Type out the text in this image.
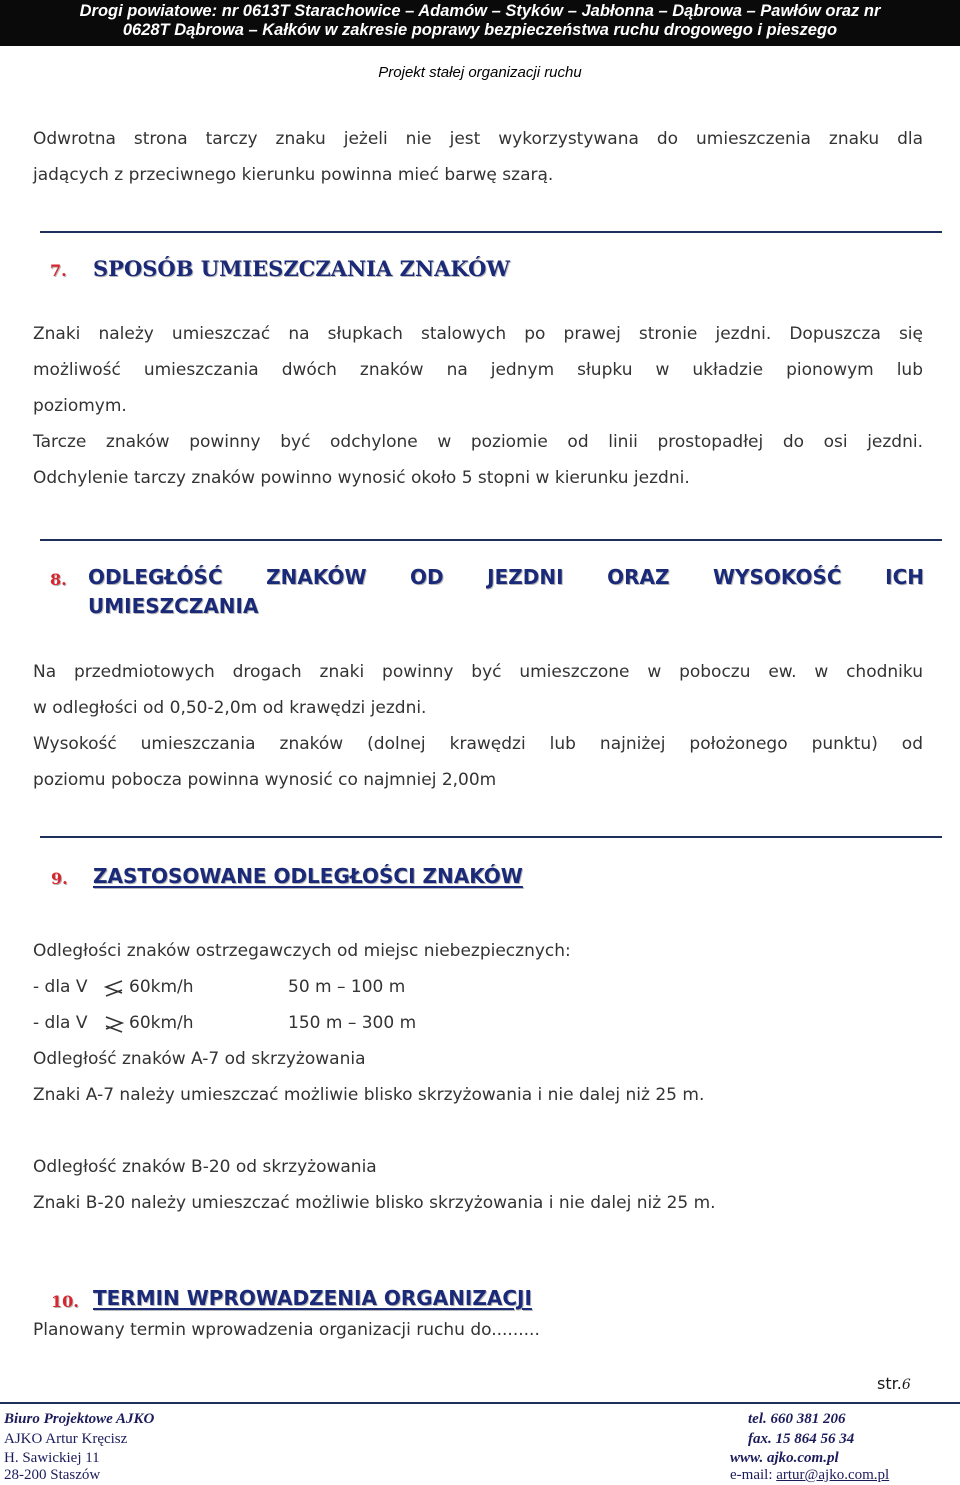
Drogi powiatowe: nr 0613T Starachowice – Adamów – Styków – Jabłonna – Dąbrowa – Pawłów oraz nr
0628T Dąbrowa – Kałków w zakresie poprawy bezpieczeństwa ruchu drogowego i pieszego
Projekt stałej organizacji ruchu
Odwrotna strona tarczy znaku jeżeli nie jest wykorzystywana do umieszczenia znaku dla
jadących z przeciwnego kierunku powinna mieć barwę szarą.
7. SPOSÓB UMIESZCZANIA ZNAKÓW
Znaki należy umieszczać na słupkach stalowych po prawej stronie jezdni. Dopuszcza się
możliwość umieszczania dwóch znaków na jednym słupku w układzie pionowym lub
poziomym.
Tarcze znaków powinny być odchylone w poziomie od linii prostopadłej do osi jezdni.
Odchylenie tarczy znaków powinno wynosić około 5 stopni w kierunku jezdni.
8. ODLEGŁÓŚĆ ZNAKÓW OD JEZDNI ORAZ WYSOKOŚĆ ICH
UMIESZCZANIA
Na przedmiotowych drogach znaki powinny być umieszczone w poboczu ew. w chodniku
w odległości od 0,50-2,0m od krawędzi jezdni.
Wysokość umieszczania znaków (dolnej krawędzi lub najniżej położonego punktu) od
poziomu pobocza powinna wynosić co najmniej 2,00m
9. ZASTOSOWANE ODLEGŁOŚCI ZNAKÓW
Odległości znaków ostrzegawczych od miejsc niebezpiecznych:
- dla V 60km/h	50 m – 100 m
- dla V 60km/h	150 m – 300 m
Odległość znaków A-7 od skrzyżowania
Znaki A-7 należy umieszczać możliwie blisko skrzyżowania i nie dalej niż 25 m.
Odległość znaków B-20 od skrzyżowania
Znaki B-20 należy umieszczać możliwie blisko skrzyżowania i nie dalej niż 25 m.
10. TERMIN WPROWADZENIA ORGANIZACJI
Planowany termin wprowadzenia organizacji ruchu do.........
str.6
Biuro Projektowe AJKO
AJKO Artur Kręcisz
H. Sawickiej 11
28-200 Staszów
tel. 660 381 206
fax. 15 864 56 34
www. ajko.com.pl
e-mail: artur@ajko.com.pl
